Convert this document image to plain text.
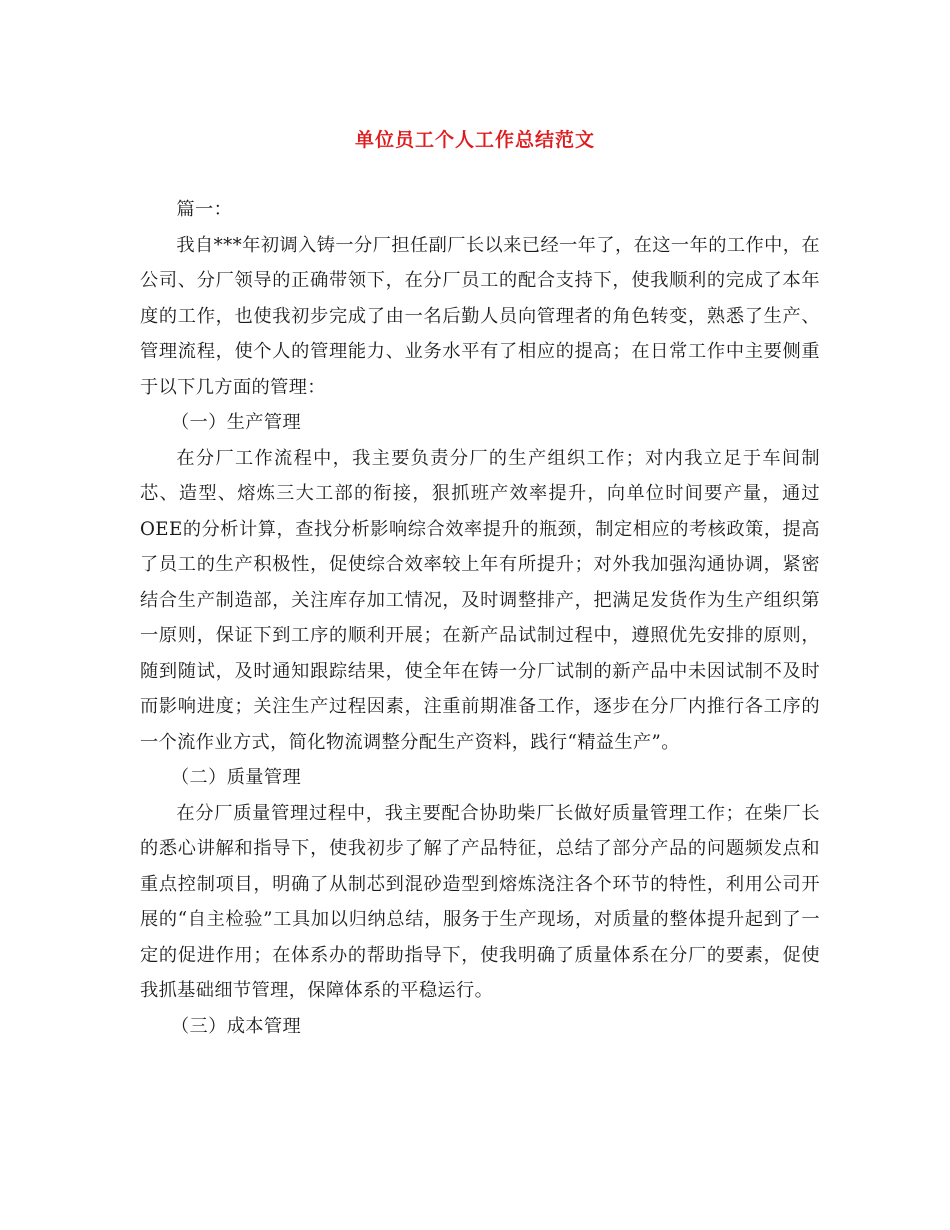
单位员工个人工作总结范文

篇一：

我自***年初调入铸一分厂担任副厂长以来已经一年了，在这一年的工作中，在公司、分厂领导的正确带领下，在分厂员工的配合支持下，使我顺利的完成了本年度的工作，也使我初步完成了由一名后勤人员向管理者的角色转变，熟悉了生产、管理流程，使个人的管理能力、业务水平有了相应的提高；在日常工作中主要侧重于以下几方面的管理：

（一）生产管理

在分厂工作流程中，我主要负责分厂的生产组织工作；对内我立足于车间制芯、造型、熔炼三大工部的衔接，狠抓班产效率提升，向单位时间要产量，通过OEE的分析计算，查找分析影响综合效率提升的瓶颈，制定相应的考核政策，提高了员工的生产积极性，促使综合效率较上年有所提升；对外我加强沟通协调，紧密结合生产制造部，关注库存加工情况，及时调整排产，把满足发货作为生产组织第一原则，保证下到工序的顺利开展；在新产品试制过程中，遵照优先安排的原则，随到随试，及时通知跟踪结果，使全年在铸一分厂试制的新产品中未因试制不及时而影响进度；关注生产过程因素，注重前期准备工作，逐步在分厂内推行各工序的一个流作业方式，简化物流调整分配生产资料，践行“精益生产”。

（二）质量管理

在分厂质量管理过程中，我主要配合协助柴厂长做好质量管理工作；在柴厂长的悉心讲解和指导下，使我初步了解了产品特征，总结了部分产品的问题频发点和重点控制项目，明确了从制芯到混砂造型到熔炼浇注各个环节的特性，利用公司开展的“自主检验”工具加以归纳总结，服务于生产现场，对质量的整体提升起到了一定的促进作用；在体系办的帮助指导下，使我明确了质量体系在分厂的要素，促使我抓基础细节管理，保障体系的平稳运行。

（三）成本管理
